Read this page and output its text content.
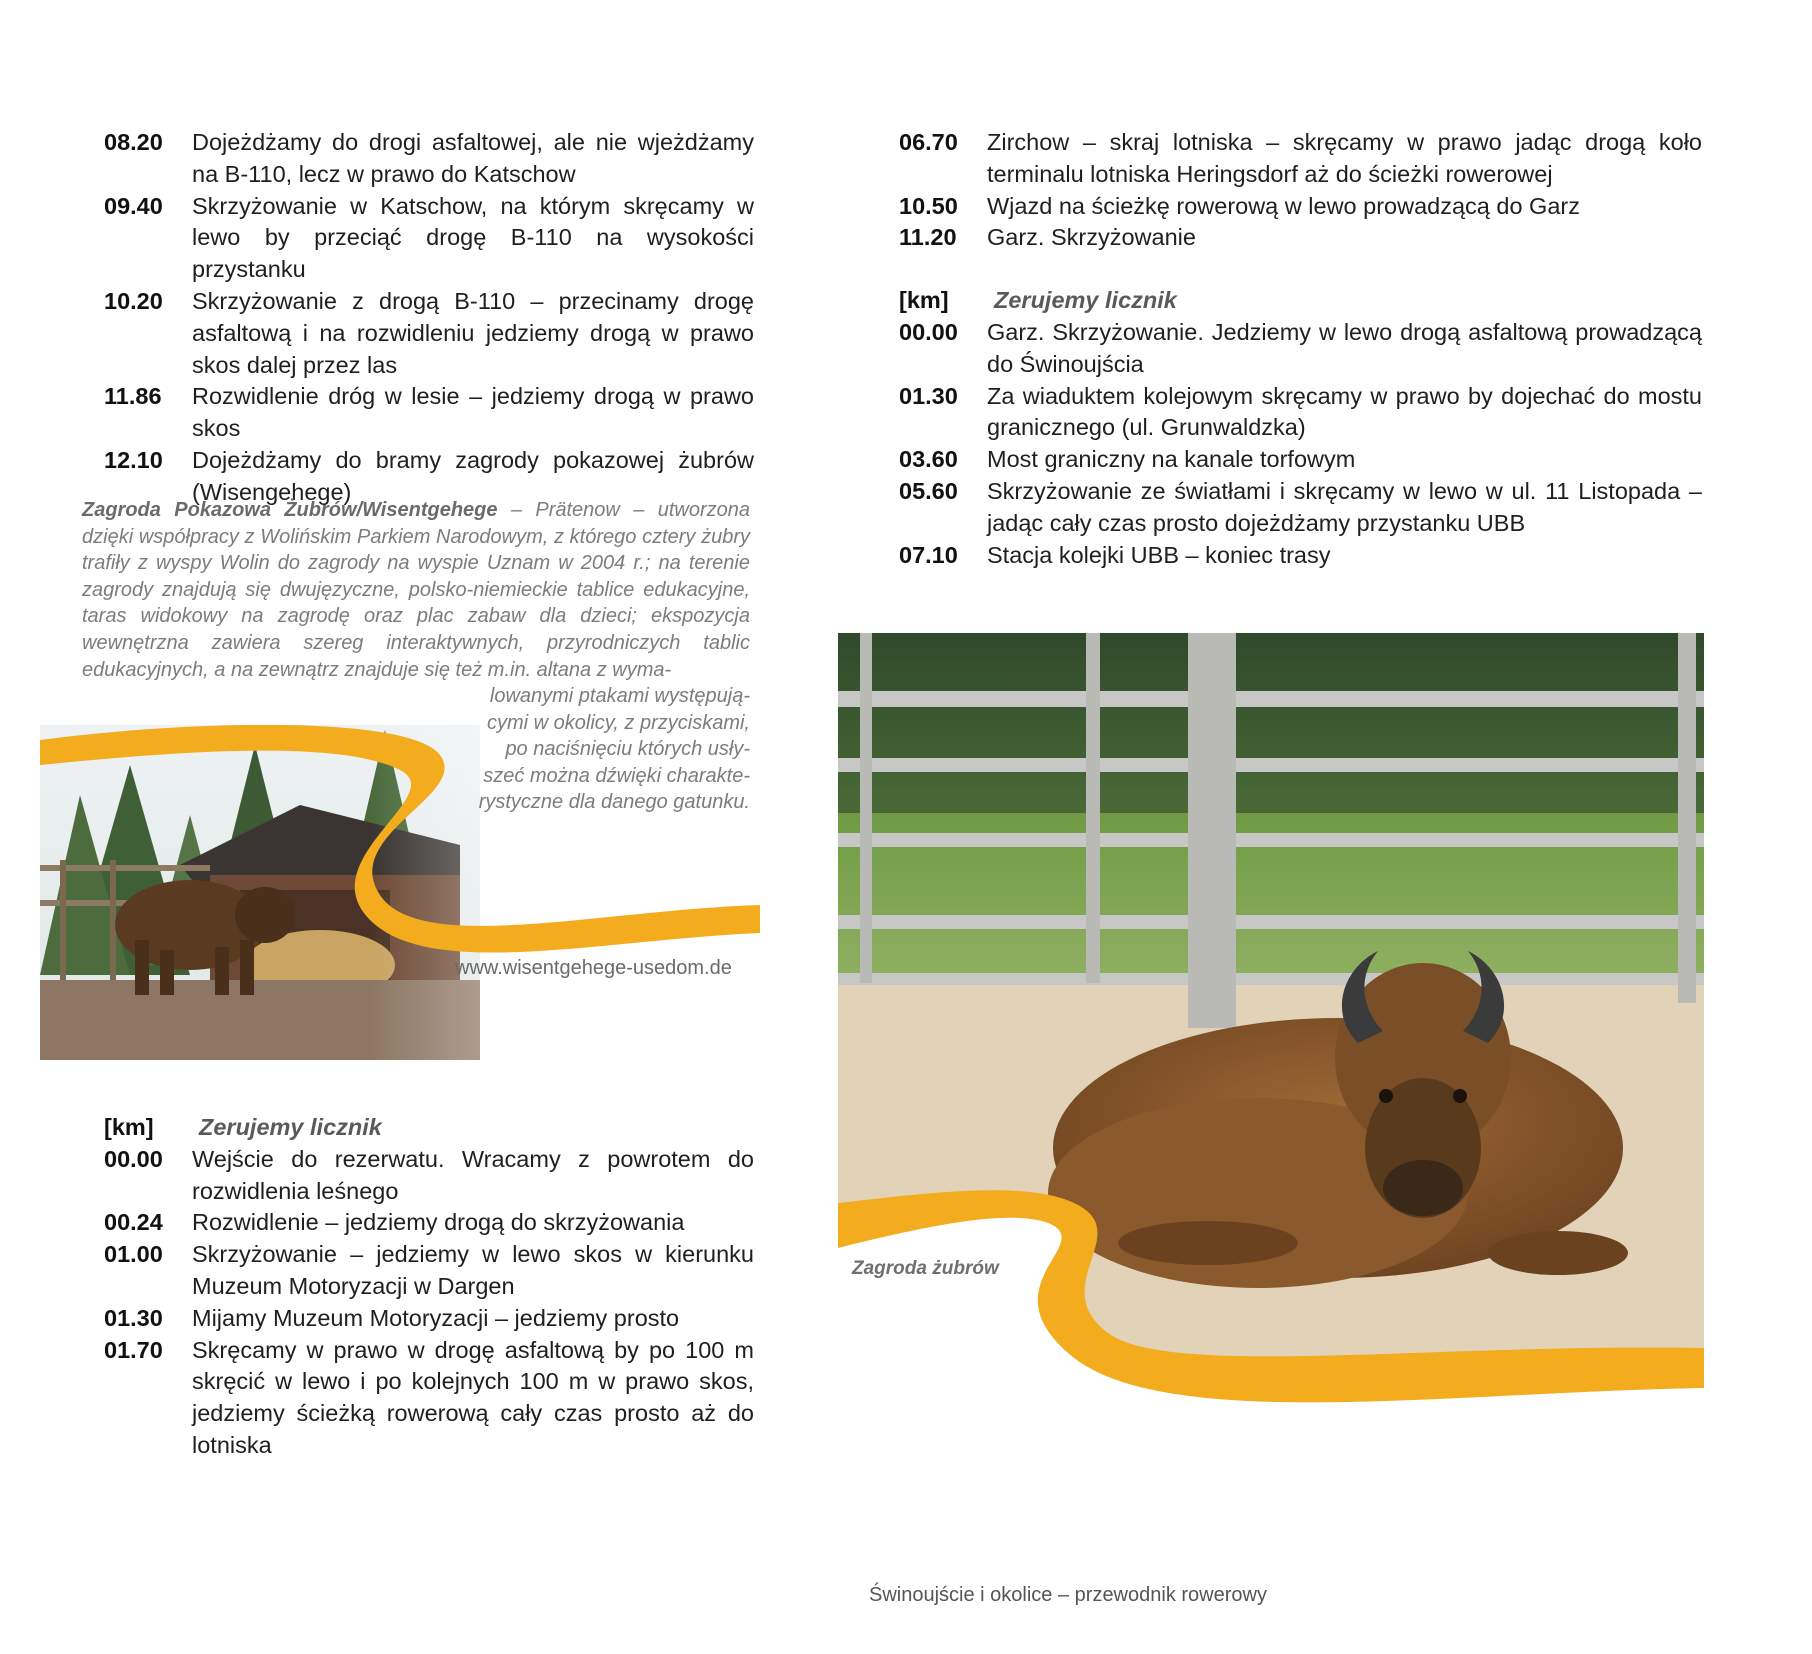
08.20	Dojeżdżamy do drogi asfaltowej, ale nie wjeżdżamy na B-110, lecz w prawo do Katschow
09.40	Skrzyżowanie w Katschow, na którym skręcamy w lewo by przeciąć drogę B-110 na wysokości przystanku
10.20	Skrzyżowanie z drogą B-110 – przecinamy drogę asfaltową i na rozwidleniu jedziemy drogą w prawo skos dalej przez las
11.86	Rozwidlenie dróg w lesie – jedziemy drogą w prawo skos
12.10	Dojeżdżamy do bramy zagrody pokazowej żubrów (Wisengehege)
Zagroda Pokazowa Żubrów/Wisentgehege – Prätenow – utworzona dzięki współpracy z Wolińskim Parkiem Narodowym, z którego cztery żubry trafiły z wyspy Wolin do zagrody na wyspie Uznam w 2004 r.; na terenie zagrody znajdują się dwujęzyczne, polsko-niemieckie tablice edukacyjne, taras widokowy na zagrodę oraz plac zabaw dla dzieci; ekspozycja wewnętrzna zawiera szereg interaktywnych, przyrodniczych tablic edukacyjnych, a na zewnątrz znajduje się też m.in. altana z wyma-
lowanymi ptakami występują-
cymi w okolicy, z przyciskami,
po naciśnięciu których usły-
szeć można dźwięki charakte-
rystyczne dla danego gatunku.
www.wisentgehege-usedom.de
[km]	Zerujemy licznik
00.00	Wejście do rezerwatu. Wracamy z powrotem do rozwidlenia leśnego
00.24	Rozwidlenie – jedziemy drogą do skrzyżowania
01.00	Skrzyżowanie – jedziemy w lewo skos w kierunku Muzeum Motoryzacji w Dargen
01.30	Mijamy Muzeum Motoryzacji – jedziemy prosto
01.70	Skręcamy w prawo w drogę asfaltową by po 100 m skręcić w lewo i po kolejnych 100 m w prawo skos, jedziemy ścieżką rowerową cały czas prosto aż do lotniska
06.70	Zirchow – skraj lotniska – skręcamy w prawo jadąc drogą koło terminalu lotniska Heringsdorf aż do ścieżki rowerowej
10.50	Wjazd na ścieżkę rowerową w lewo prowadzącą do Garz
11.20	Garz. Skrzyżowanie
[km]	Zerujemy licznik
00.00	Garz. Skrzyżowanie. Jedziemy w lewo drogą asfaltową prowadzącą do Świnoujścia
01.30	Za wiaduktem kolejowym skręcamy w prawo by dojechać do mostu granicznego (ul. Grunwaldzka)
03.60	Most graniczny na kanale torfowym
05.60	Skrzyżowanie ze światłami i skręcamy w lewo w ul. 11 Listopada – jadąc cały czas prosto dojeżdżamy przystanku UBB
07.10	Stacja kolejki UBB – koniec trasy
Zagroda żubrów
Świnoujście i okolice – przewodnik rowerowy
